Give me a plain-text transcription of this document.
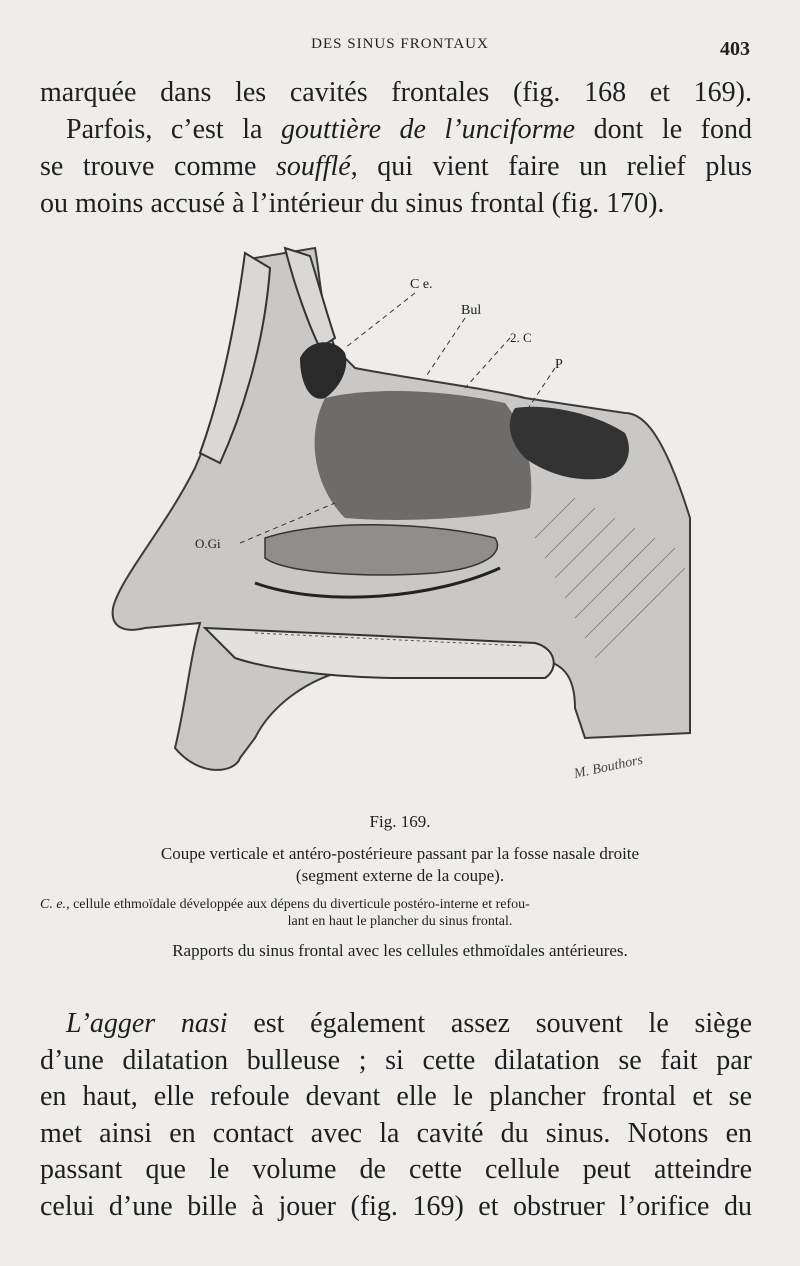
DES SINUS FRONTAUX	403
marquée dans les cavités frontales (fig. 168 et 169).
Parfois, c’est la gouttière de l’unciforme dont le fond
se trouve comme soufflé, qui vient faire un relief plus
ou moins accusé à l’intérieur du sinus frontal (fig. 170).
C e.
Bul
2. C
P
O.Gi
M. Bouthors
Fig. 169.
Coupe verticale et antéro-postérieure passant par la fosse nasale droite
(segment externe de la coupe).
C. e., cellule ethmoïdale développée aux dépens du diverticule postéro-interne et refou-
lant en haut le plancher du sinus frontal.
Rapports du sinus frontal avec les cellules ethmoïdales antérieures.
L’agger nasi est également assez souvent le siège
d’une dilatation bulleuse ; si cette dilatation se fait par
en haut, elle refoule devant elle le plancher frontal et se
met ainsi en contact avec la cavité du sinus. Notons en
passant que le volume de cette cellule peut atteindre
celui d’une bille à jouer (fig. 169) et obstruer l’orifice du
